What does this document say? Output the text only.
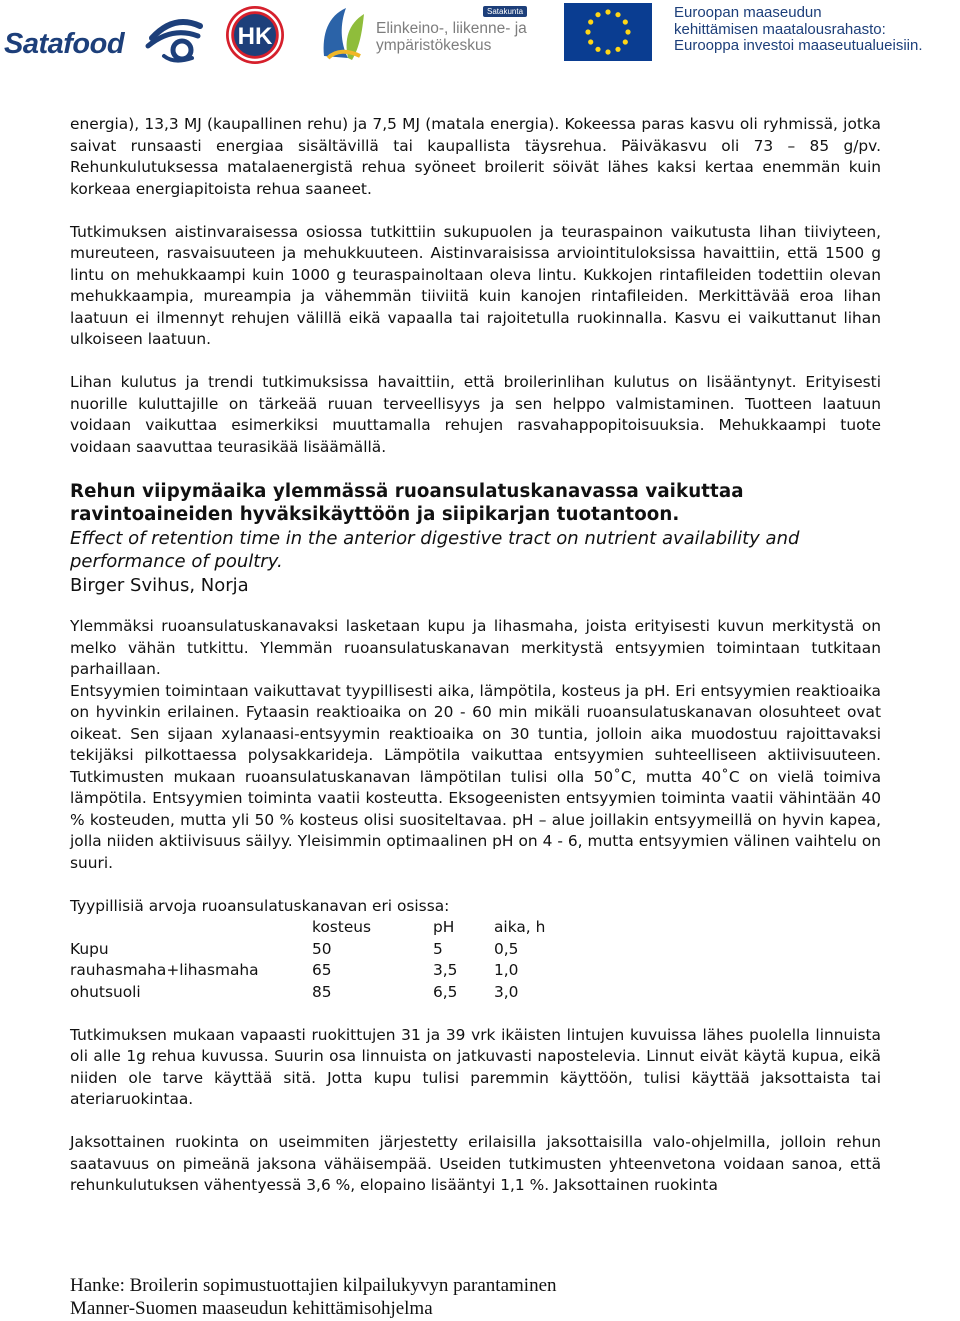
Satafood	HK
Satakunta
Elinkeino-, liikenne- ja
ympäristökeskus
Euroopan maaseudun
kehittämisen maatalousrahasto:
Eurooppa investoi maaseutualueisiin.

energia), 13,3 MJ (kaupallinen rehu) ja 7,5 MJ (matala energia). Kokeessa paras kasvu oli ryhmissä, jotka saivat runsaasti energiaa sisältävillä tai kaupallista täysrehua. Päiväkasvu oli 73 – 85 g/pv. Rehunkulutuksessa matalaenergistä rehua syöneet broilerit söivät lähes kaksi kertaa enemmän kuin korkeaa energiapitoista rehua saaneet.

Tutkimuksen aistinvaraisessa osiossa tutkittiin sukupuolen ja teuraspainon vaikutusta lihan tiiviyteen, mureuteen, rasvaisuuteen ja mehukkuuteen. Aistinvaraisissa arviointituloksissa havaittiin, että 1500 g lintu on mehukkaampi kuin 1000 g teuraspainoltaan oleva lintu. Kukkojen rintafileiden todettiin olevan mehukkaampia, mureampia ja vähemmän tiiviitä kuin kanojen rintafileiden. Merkittävää eroa lihan laatuun ei ilmennyt rehujen välillä eikä vapaalla tai rajoitetulla ruokinnalla. Kasvu ei vaikuttanut lihan ulkoiseen laatuun.

Lihan kulutus ja trendi tutkimuksissa havaittiin, että broilerinlihan kulutus on lisääntynyt. Erityisesti nuorille kuluttajille on tärkeää ruuan terveellisyys ja sen helppo valmistaminen. Tuotteen laatuun voidaan vaikuttaa esimerkiksi muuttamalla rehujen rasvahappopitoisuuksia. Mehukkaampi tuote voidaan saavuttaa teurasikää lisäämällä.

Rehun viipymäaika ylemmässä ruoansulatuskanavassa vaikuttaa ravintoaineiden hyväksikäyttöön ja siipikarjan tuotantoon.
Effect of retention time in the anterior digestive tract on nutrient availability and performance of poultry.
Birger Svihus, Norja

Ylemmäksi ruoansulatuskanavaksi lasketaan kupu ja lihasmaha, joista erityisesti kuvun merkitystä on melko vähän tutkittu. Ylemmän ruoansulatuskanavan merkitystä entsyymien toimintaan tutkitaan parhaillaan.

Entsyymien toimintaan vaikuttavat tyypillisesti aika, lämpötila, kosteus ja pH. Eri entsyymien reaktioaika on hyvinkin erilainen. Fytaasin reaktioaika on 20 - 60 min mikäli ruoansulatuskanavan olosuhteet ovat oikeat. Sen sijaan xylanaasi-entsyymin reaktioaika on 30 tuntia, jolloin aika muodostuu rajoittavaksi tekijäksi pilkottaessa polysakkarideja. Lämpötila vaikuttaa entsyymien suhteelliseen aktiivisuuteen. Tutkimusten mukaan ruoansulatuskanavan lämpötilan tulisi olla 50˚C, mutta 40˚C on vielä toimiva lämpötila. Entsyymien toiminta vaatii kosteutta. Eksogeenisten entsyymien toiminta vaatii vähintään 40 % kosteuden, mutta yli 50 % kosteus olisi suositeltavaa. pH – alue joillakin entsyymeillä on hyvin kapea, jolla niiden aktiivisuus säilyy. Yleisimmin optimaalinen pH on 4 - 6, mutta entsyymien välinen vaihtelu on suuri.

Tyypillisiä arvoja ruoansulatuskanavan eri osissa:
	kosteus	pH	aika, h
Kupu	50	5	0,5
rauhasmaha+lihasmaha	65	3,5	1,0
ohutsuoli	85	6,5	3,0

Tutkimuksen mukaan vapaasti ruokittujen 31 ja 39 vrk ikäisten lintujen kuvuissa lähes puolella linnuista oli alle 1g rehua kuvussa. Suurin osa linnuista on jatkuvasti napostelevia. Linnut eivät käytä kupua, eikä niiden ole tarve käyttää sitä. Jotta kupu tulisi paremmin käyttöön, tulisi käyttää jaksottaista tai ateriaruokintaa.

Jaksottainen ruokinta on useimmiten järjestetty erilaisilla jaksottaisilla valo-ohjelmilla, jolloin rehun saatavuus on pimeänä jaksona vähäisempää. Useiden tutkimusten yhteenvetona voidaan sanoa, että rehunkulutuksen vähentyessä 3,6 %, elopaino lisääntyi 1,1 %. Jaksottainen ruokinta

Hanke: Broilerin sopimustuottajien kilpailukyvyn parantaminen
Manner-Suomen maaseudun kehittämisohjelma
